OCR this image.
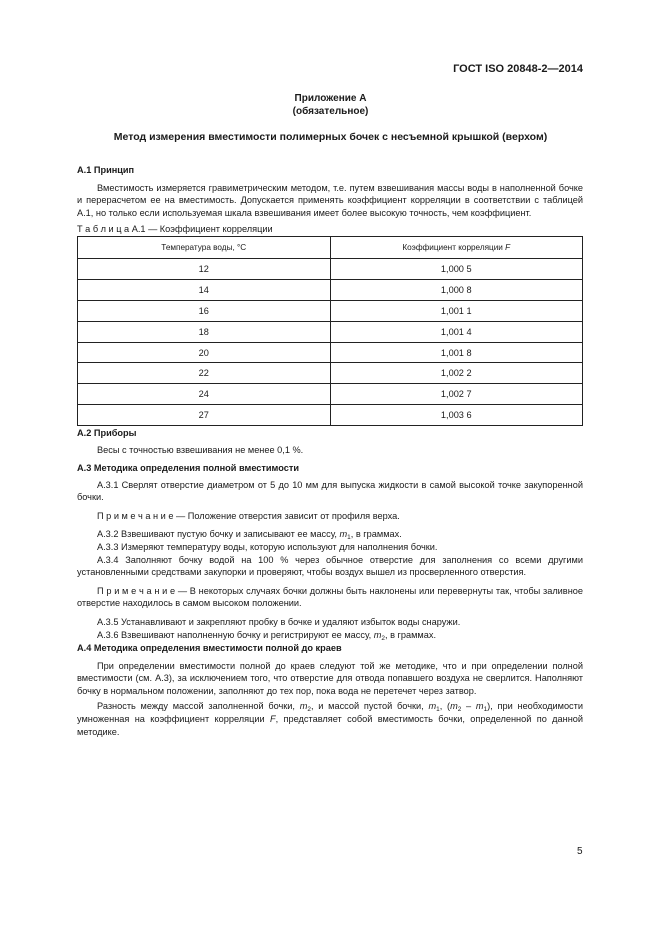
ГОСТ ISO 20848-2—2014
Приложение А
(обязательное)
Метод измерения вместимости полимерных бочек с несъемной крышкой (верхом)
А.1 Принцип

Вместимость измеряется гравиметрическим методом, т.е. путем взвешивания массы воды в наполненной бочке и перерасчетом ее на вместимость. Допускается применять коэффициент корреляции в соответствии с таблицей А.1, но только если используемая шкала взвешивания имеет более высокую точность, чем коэффициент.

Т а б л и ц а А.1 — Коэффициент корреляции
Температура воды, °С	Коэффициент корреляции F
12	1,000 5
14	1,000 8
16	1,001 1
18	1,001 4
20	1,001 8
22	1,002 2
24	1,002 7
27	1,003 6
А.2 Приборы

Весы с точностью взвешивания не менее 0,1 %.

А.3 Методика определения полной вместимости

А.3.1 Сверлят отверстие диаметром от 5 до 10 мм для выпуска жидкости в самой высокой точке закупоренной бочки.

П р и м е ч а н и е — Положение отверстия зависит от профиля верха.

А.3.2 Взвешивают пустую бочку и записывают ее массу, $m_1$, в граммах.

А.3.3 Измеряют температуру воды, которую используют для наполнения бочки.

А.3.4 Заполняют бочку водой на 100 % через обычное отверстие для заполнения со всеми другими установленными средствами закупорки и проверяют, чтобы воздух вышел из просверленного отверстия.

П р и м е ч а н и е — В некоторых случаях бочки должны быть наклонены или перевернуты так, чтобы заливное отверстие находилось в самом высоком положении.

А.3.5 Устанавливают и закрепляют пробку в бочке и удаляют избыток воды снаружи.

А.3.6 Взвешивают наполненную бочку и регистрируют ее массу, $m_2$, в граммах.

А.4 Методика определения вместимости полной до краев

При определении вместимости полной до краев следуют той же методике, что и при определении полной вместимости (см. А.3), за исключением того, что отверстие для отвода попавшего воздуха не сверлится. Наполняют бочку в нормальном положении, заполняют до тех пор, пока вода не перетечет через затвор.

Разность между массой заполненной бочки, $m_2$, и массой пустой бочки, $m_1$, $(m_2 - m_1)$, при необходимости умноженная на коэффициент корреляции F, представляет собой вместимость бочки, определенной по данной методике.

5
